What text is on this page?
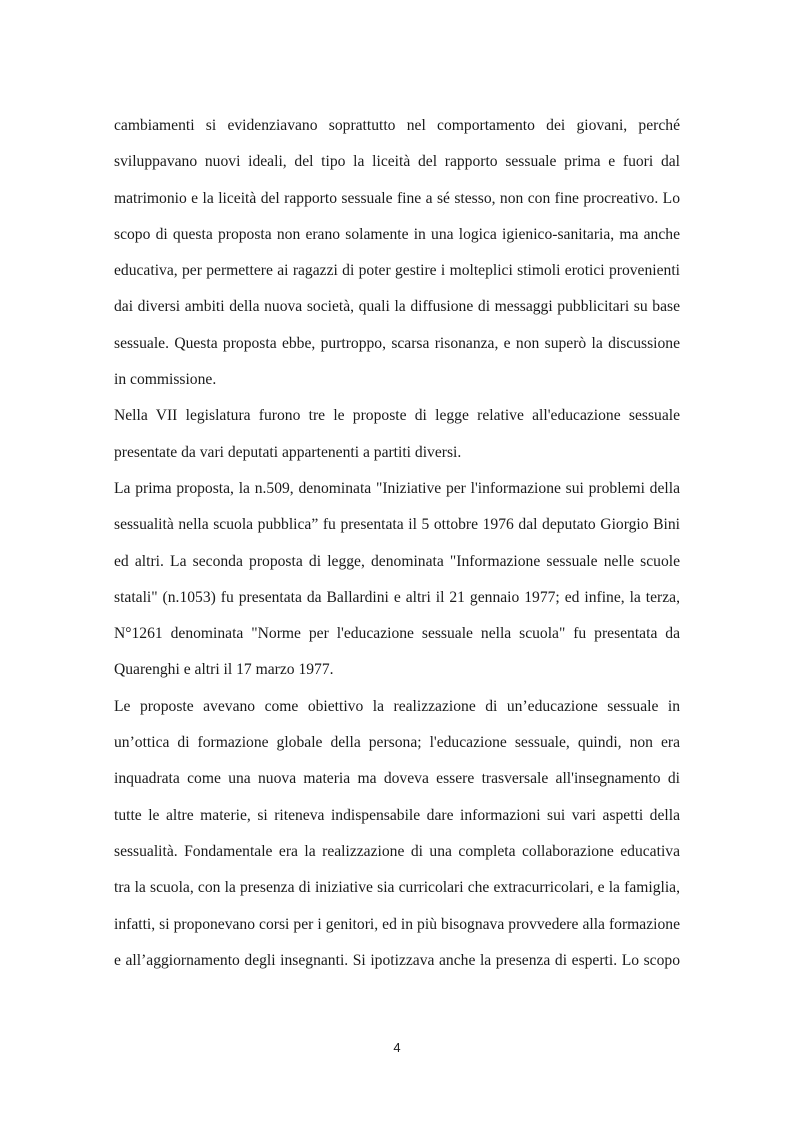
cambiamenti si evidenziavano soprattutto nel comportamento dei giovani, perché
sviluppavano nuovi ideali, del tipo la liceità del rapporto sessuale prima e fuori dal
matrimonio e la liceità del rapporto sessuale fine a sé stesso, non con fine procreativo. Lo
scopo di questa proposta non erano solamente in una logica igienico-sanitaria, ma anche
educativa, per permettere ai ragazzi di poter gestire i molteplici stimoli erotici provenienti
dai diversi ambiti della nuova società, quali la diffusione di messaggi pubblicitari su base
sessuale. Questa proposta ebbe, purtroppo, scarsa risonanza, e non superò la discussione
in commissione.
Nella VII legislatura furono tre le proposte di legge relative all'educazione sessuale
presentate da vari deputati appartenenti a partiti diversi.
La prima proposta, la n.509, denominata "Iniziative per l'informazione sui problemi della
sessualità nella scuola pubblica” fu presentata il 5 ottobre 1976 dal deputato Giorgio Bini
ed altri. La seconda proposta di legge, denominata "Informazione sessuale nelle scuole
statali" (n.1053) fu presentata da Ballardini e altri il 21 gennaio 1977; ed infine, la terza,
N°1261 denominata "Norme per l'educazione sessuale nella scuola" fu presentata da
Quarenghi e altri il 17 marzo 1977.
Le proposte avevano come obiettivo la realizzazione di un’educazione sessuale in
un’ottica di formazione globale della persona; l'educazione sessuale, quindi, non era
inquadrata come una nuova materia ma doveva essere trasversale all'insegnamento di
tutte le altre materie, si riteneva indispensabile dare informazioni sui vari aspetti della
sessualità. Fondamentale era la realizzazione di una completa collaborazione educativa
tra la scuola, con la presenza di iniziative sia curricolari che extracurricolari, e la famiglia,
infatti, si proponevano corsi per i genitori, ed in più bisognava provvedere alla formazione
e all’aggiornamento degli insegnanti. Si ipotizzava anche la presenza di esperti. Lo scopo
4
